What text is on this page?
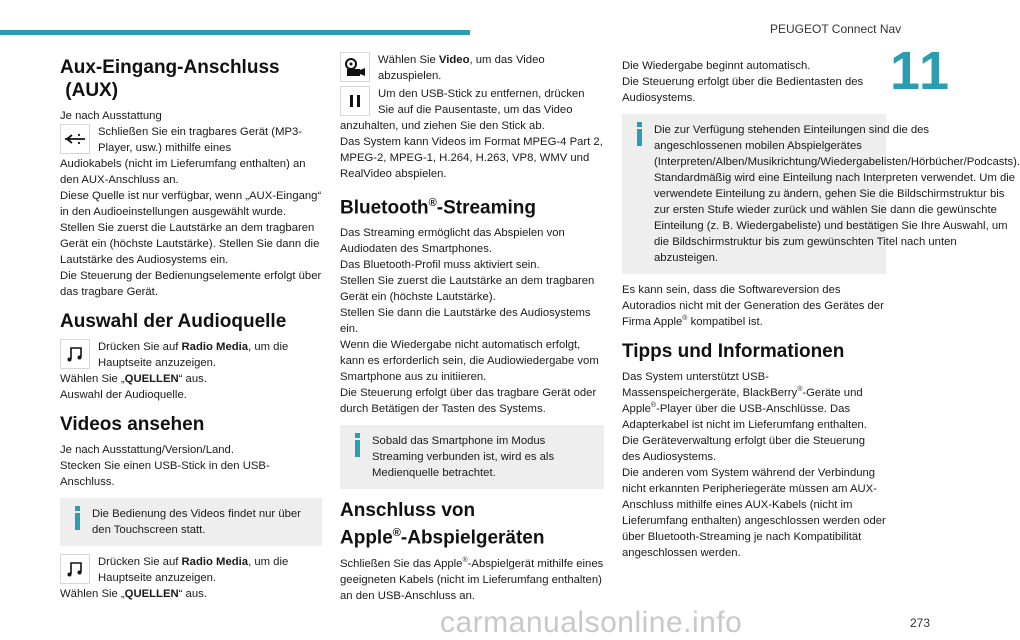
PEUGEOT Connect Nav
11
273
carmanualsonline.info
Aux-Eingang-Anschluss
(AUX)

Je nach Ausstattung

Schließen Sie ein tragbares Gerät (MP3-Player, usw.) mithilfe eines

Audiokabels (nicht im Lieferumfang enthalten) an den AUX-Anschluss an.

Diese Quelle ist nur verfügbar, wenn „AUX-Eingang“ in den Audioeinstellungen ausgewählt wurde.

Stellen Sie zuerst die Lautstärke an dem tragbaren Gerät ein (höchste Lautstärke). Stellen Sie dann die Lautstärke des Audiosystems ein.

Die Steuerung der Bedienungselemente erfolgt über das tragbare Gerät.

Auswahl der Audioquelle

Drücken Sie auf Radio Media, um die Hauptseite anzuzeigen.

Wählen Sie „QUELLEN“ aus.

Auswahl der Audioquelle.

Videos ansehen

Je nach Ausstattung/Version/Land.

Stecken Sie einen USB-Stick in den USB-Anschluss.

Die Bedienung des Videos findet nur über den Touchscreen statt.

Drücken Sie auf Radio Media, um die Hauptseite anzuzeigen.

Wählen Sie „QUELLEN“ aus.

Wählen Sie Video, um das Video abzuspielen.

Um den USB-Stick zu entfernen, drücken Sie auf die Pausentaste, um das Video

anzuhalten, und ziehen Sie den Stick ab.

Das System kann Videos im Format MPEG-4 Part 2, MPEG-2, MPEG-1, H.264, H.263, VP8, WMV und RealVideo abspielen.

Bluetooth®-Streaming

Das Streaming ermöglicht das Abspielen von Audiodaten des Smartphones.

Das Bluetooth-Profil muss aktiviert sein.

Stellen Sie zuerst die Lautstärke an dem tragbaren Gerät ein (höchste Lautstärke).

Stellen Sie dann die Lautstärke des Audiosystems ein.

Wenn die Wiedergabe nicht automatisch erfolgt, kann es erforderlich sein, die Audiowiedergabe vom Smartphone aus zu initiieren.

Die Steuerung erfolgt über das tragbare Gerät oder durch Betätigen der Tasten des Systems.

Sobald das Smartphone im Modus Streaming verbunden ist, wird es als Medienquelle betrachtet.

Anschluss von
Apple®-Abspielgeräten

Schließen Sie das Apple®-Abspielgerät mithilfe eines geeigneten Kabels (nicht im Lieferumfang enthalten) an den USB-Anschluss an.

Die Wiedergabe beginnt automatisch.

Die Steuerung erfolgt über die Bedientasten des Audiosystems.

Die zur Verfügung stehenden Einteilungen sind die des angeschlossenen mobilen Abspielgerätes (Interpreten/Alben/Musikrichtung/Wiedergabelisten/Hörbücher/Podcasts). Standardmäßig wird eine Einteilung nach Interpreten verwendet. Um die verwendete Einteilung zu ändern, gehen Sie die Bildschirmstruktur bis zur ersten Stufe wieder zurück und wählen Sie dann die gewünschte Einteilung (z. B. Wiedergabeliste) und bestätigen Sie Ihre Auswahl, um die Bildschirmstruktur bis zum gewünschten Titel nach unten abzusteigen.

Es kann sein, dass die Softwareversion des Autoradios nicht mit der Generation des Gerätes der Firma Apple® kompatibel ist.

Tipps und Informationen

Das System unterstützt USB-Massenspeichergeräte, BlackBerry®-Geräte und Apple®-Player über die USB-Anschlüsse. Das Adapterkabel ist nicht im Lieferumfang enthalten.

Die Geräteverwaltung erfolgt über die Steuerung des Audiosystems.

Die anderen vom System während der Verbindung nicht erkannten Peripheriegeräte müssen am AUX-Anschluss mithilfe eines AUX-Kabels (nicht im Lieferumfang enthalten) angeschlossen werden oder über Bluetooth-Streaming je nach Kompatibilität angeschlossen werden.
